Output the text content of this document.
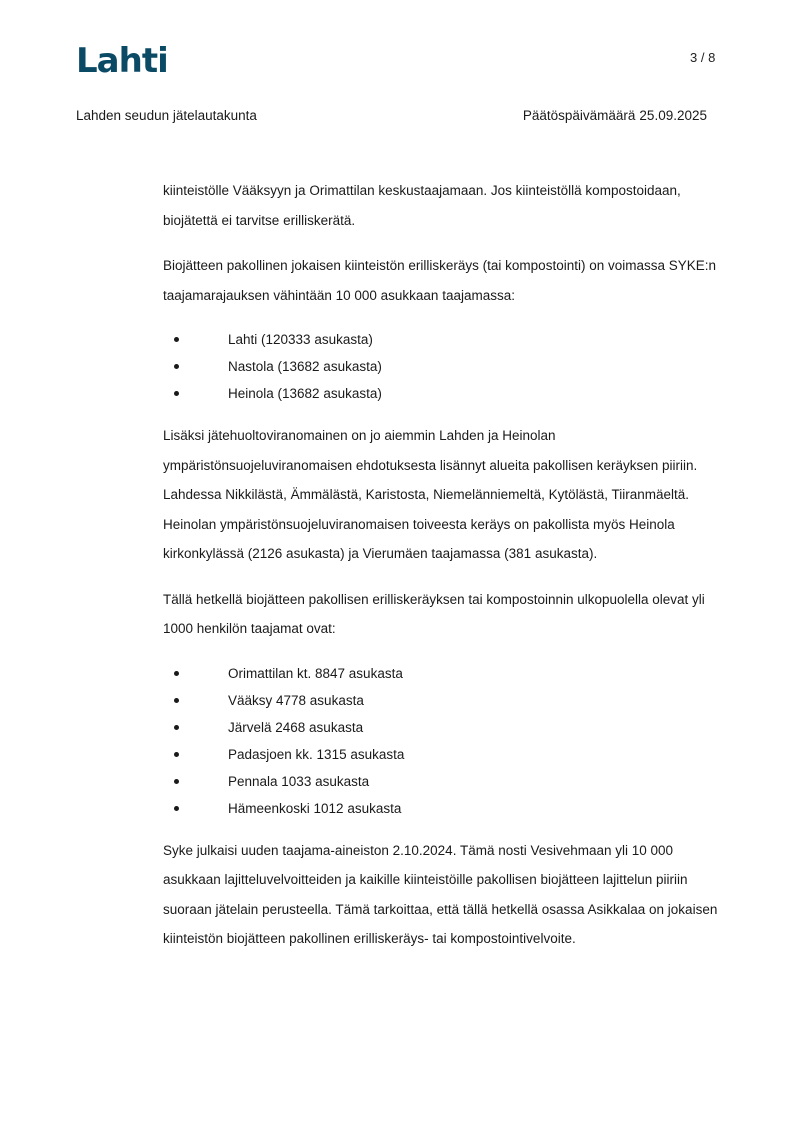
Lahti	3 / 8
Lahden seudun jätelautakunta	Päätöspäivämäärä 25.09.2025

kiinteistölle Vääksyyn ja Orimattilan keskustaajamaan. Jos kiinteistöllä kompostoidaan, biojätettä ei tarvitse erilliskerätä.

Biojätteen pakollinen jokaisen kiinteistön erilliskeräys (tai kompostointi) on voimassa SYKE:n taajamarajauksen vähintään 10 000 asukkaan taajamassa:

Lahti (120333 asukasta)
Nastola (13682 asukasta)
Heinola (13682 asukasta)

Lisäksi jätehuoltoviranomainen on jo aiemmin Lahden ja Heinolan ympäristönsuojeluviranomaisen ehdotuksesta lisännyt alueita pakollisen keräyksen piiriin. Lahdessa Nikkilästä, Ämmälästä, Karistosta, Niemelänniemeltä, Kytölästä, Tiiranmäeltä. Heinolan ympäristönsuojeluviranomaisen toiveesta keräys on pakollista myös Heinola kirkonkylässä (2126 asukasta) ja Vierumäen taajamassa (381 asukasta).

Tällä hetkellä biojätteen pakollisen erilliskeräyksen tai kompostoinnin ulkopuolella olevat yli 1000 henkilön taajamat ovat:

Orimattilan kt. 8847 asukasta
Vääksy 4778 asukasta
Järvelä 2468 asukasta
Padasjoen kk. 1315 asukasta
Pennala 1033 asukasta
Hämeenkoski 1012 asukasta

Syke julkaisi uuden taajama-aineiston 2.10.2024. Tämä nosti Vesivehmaan yli 10 000 asukkaan lajitteluvelvoitteiden ja kaikille kiinteistöille pakollisen biojätteen lajittelun piiriin suoraan jätelain perusteella. Tämä tarkoittaa, että tällä hetkellä osassa Asikkalaa on jokaisen kiinteistön biojätteen pakollinen erilliskeräys- tai kompostointivelvoite.
